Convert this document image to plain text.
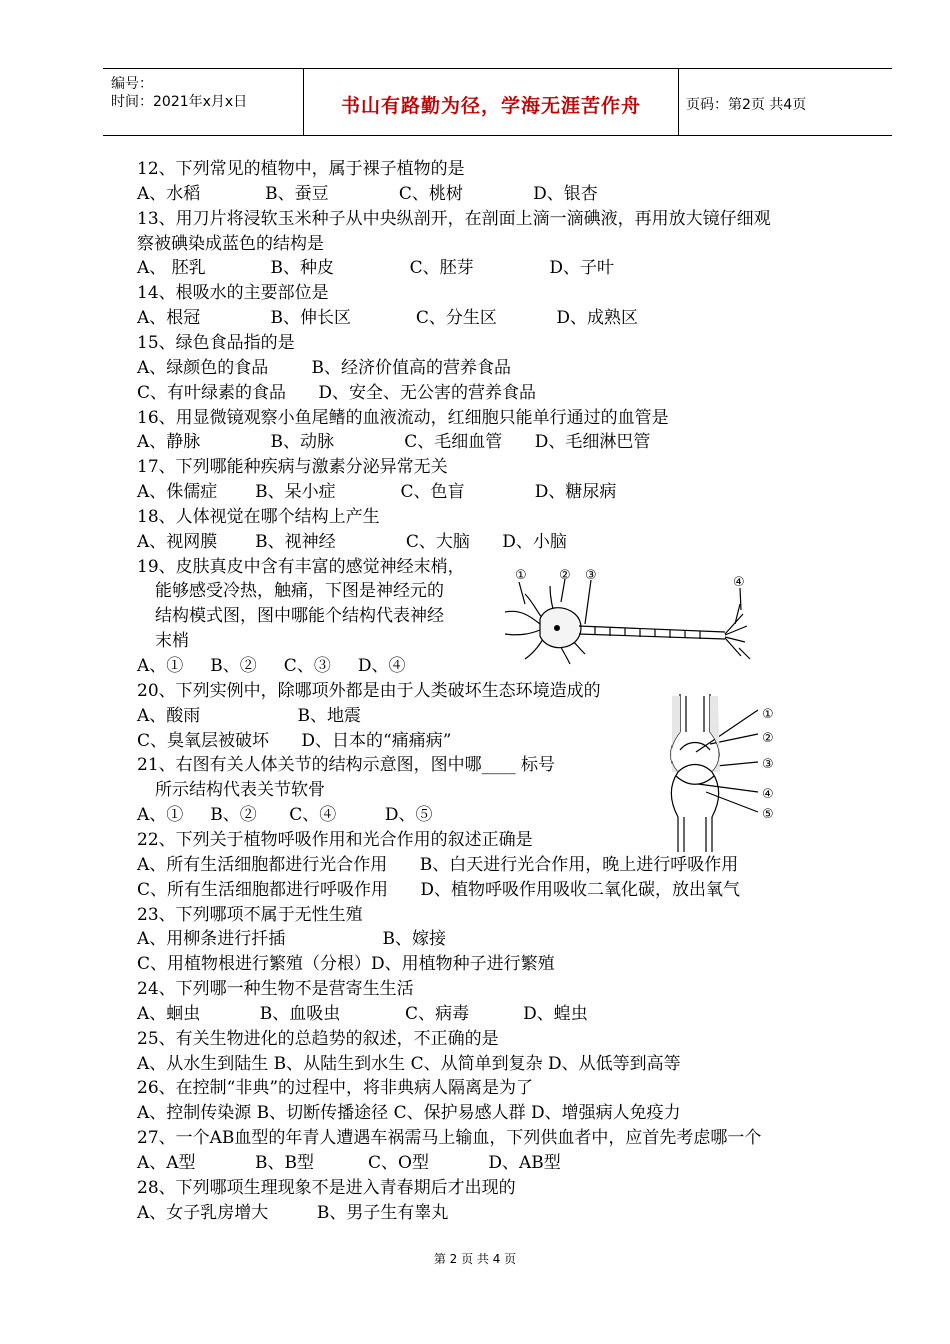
编号：
时间：2021年x月x日	书山有路勤为径，学海无涯苦作舟	页码：第2页 共4页
12、下列常见的植物中，属于裸子植物的是
A、水稻            B、蚕豆             C、桃树             D、银杏
13、用刀片将浸软玉米种子从中央纵剖开，在剖面上滴一滴碘液，再用放大镜仔细观
察被碘染成蓝色的结构是
A、 胚乳            B、种皮              C、胚芽              D、子叶
14、根吸水的主要部位是
A、根冠             B、伸长区            C、分生区           D、成熟区
15、绿色食品指的是
A、绿颜色的食品        B、经济价值高的营养食品
C、有叶绿素的食品      D、安全、无公害的营养食品
16、用显微镜观察小鱼尾鳍的血液流动，红细胞只能单行通过的血管是
A、静脉             B、动脉             C、毛细血管      D、毛细淋巴管
17、下列哪能种疾病与激素分泌异常无关
A、侏儒症       B、呆小症            C、色盲             D、糖尿病
18、人体视觉在哪个结构上产生
A、视网膜       B、视神经             C、大脑      D、小脑
19、皮肤真皮中含有丰富的感觉神经末梢，
能够感受冷热，触痛，下图是神经元的
结构模式图，图中哪能个结构代表神经
末梢
A、①     B、②     C、③     D、④
20、下列实例中，除哪项外都是由于人类破坏生态环境造成的
A、酸雨                  B、地震
C、臭氧层被破坏      D、日本的“痛痛病”
21、右图有关人体关节的结构示意图，图中哪____ 标号
所示结构代表关节软骨
A、①     B、②      C、④         D、⑤
22、下列关于植物呼吸作用和光合作用的叙述正确是
A、所有生活细胞都进行光合作用      B、白天进行光合作用，晚上进行呼吸作用
C、所有生活细胞都进行呼吸作用      D、植物呼吸作用吸收二氧化碳，放出氧气
23、下列哪项不属于无性生殖
A、用柳条进行扦插                  B、嫁接
C、用植物根进行繁殖（分根）D、用植物种子进行繁殖
24、下列哪一种生物不是营寄生生活
A、蛔虫           B、血吸虫            C、病毒          D、蝗虫
25、有关生物进化的总趋势的叙述，不正确的是
A、从水生到陆生 B、从陆生到水生 C、从简单到复杂 D、从低等到高等
26、在控制“非典”的过程中，将非典病人隔离是为了
A、控制传染源 B、切断传播途径 C、保护易感人群 D、增强病人免疫力
27、一个AB血型的年青人遭遇车祸需马上输血，下列供血者中，应首先考虑哪一个
A、A型           B、B型          C、O型           D、AB型
28、下列哪项生理现象不是进入青春期后才出现的
A、女子乳房增大         B、男子生有睾丸
① ② ③	④
①
②
③
④
⑤
第 2 页 共 4 页
